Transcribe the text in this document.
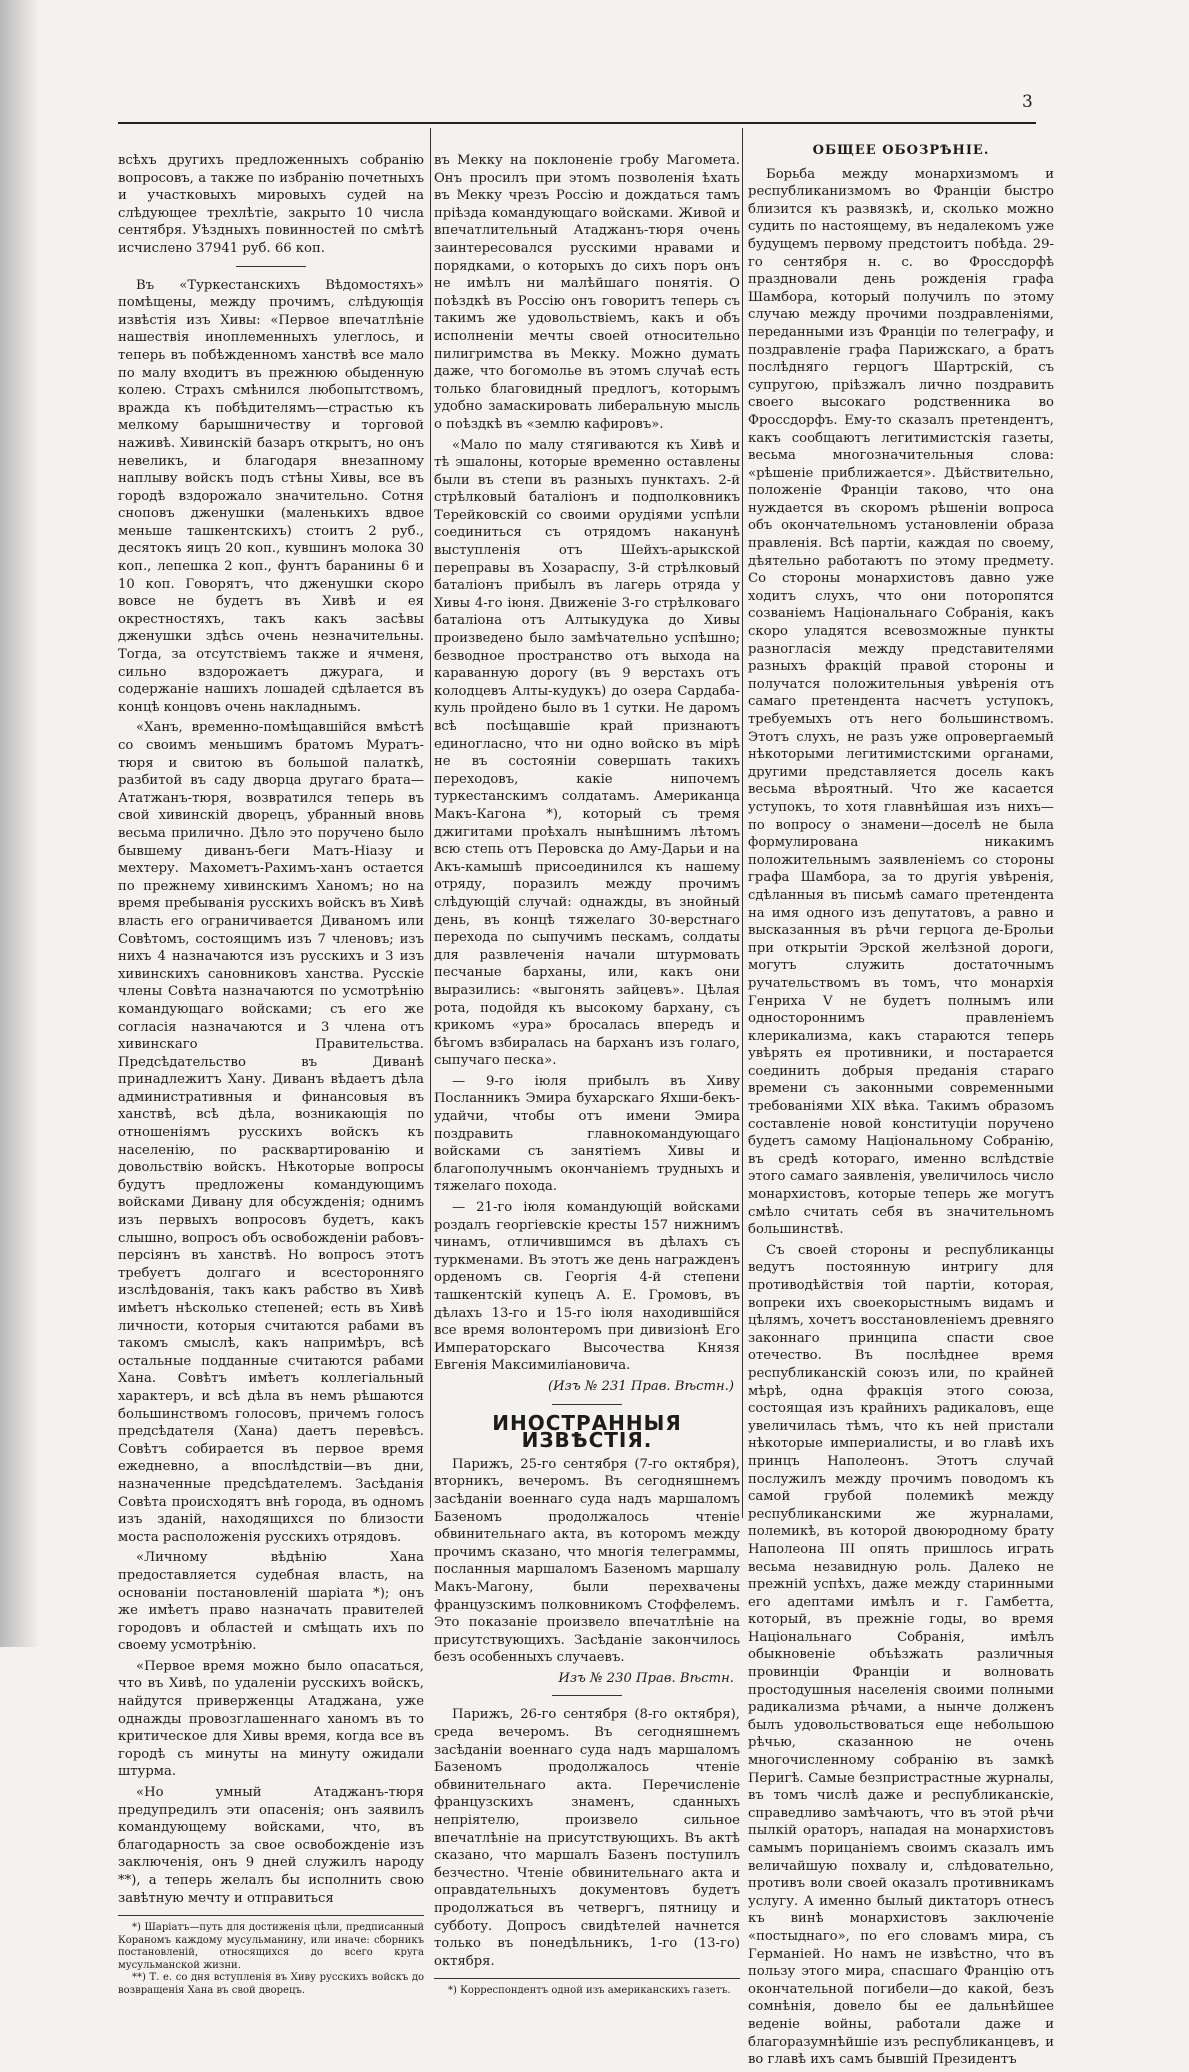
3

всѣхъ другихъ предложенныхъ собранію вопросовъ, а также по избранію почетныхъ и участковыхъ мировыхъ судей на слѣдующее трехлѣтіе, закрыто 10 числа сентября. Уѣздныхъ повинностей по смѣтѣ исчислено 37941 руб. 66 коп.

Въ «Туркестанскихъ Вѣдомостяхъ» помѣщены, между прочимъ, слѣдующія извѣстія изъ Хивы: «Первое впечатлѣніе нашествія иноплеменныхъ улеглось, и теперь въ побѣжденномъ ханствѣ все мало по малу входитъ въ прежнюю обыденную колею. Страхъ смѣнился любопытствомъ, вражда къ побѣдителямъ—страстью къ мелкому барышничеству и торговой наживѣ. Хивинскій базаръ открытъ, но онъ невеликъ, и благодаря внезапному наплыву войскъ подъ стѣны Хивы, все въ городѣ вздорожало значительно. Сотня сноповъ дженушки (маленькихъ вдвое меньше ташкентскихъ) стоитъ 2 руб., десятокъ яицъ 20 коп., кувшинъ молока 30 коп., лепешка 2 коп., фунтъ баранины 6 и 10 коп. Говорятъ, что дженушки скоро вовсе не будетъ въ Хивѣ и ея окрестностяхъ, такъ какъ засѣвы дженушки здѣсь очень незначительны. Тогда, за отсутствіемъ также и ячменя, сильно вздорожаетъ джурага, и содержаніе нашихъ лошадей сдѣлается въ концѣ концовъ очень накладнымъ.

«Ханъ, временно-помѣщавшійся вмѣстѣ со своимъ меньшимъ братомъ Муратъ-тюря и свитою въ большой палаткѣ, разбитой въ саду дворца другаго брата—Ататжанъ-тюря, возвратился теперь въ свой хивинскій дворецъ, убранный вновь весьма прилично. Дѣло это поручено было бывшему диванъ-беги Матъ-Ніазу и мехтеру. Махометъ-Рахимъ-ханъ остается по прежнему хивинскимъ Ханомъ; но на время пребыванія русскихъ войскъ въ Хивѣ власть его ограничивается Диваномъ или Совѣтомъ, состоящимъ изъ 7 членовъ; изъ нихъ 4 назначаются изъ русскихъ и 3 изъ хивинскихъ сановниковъ ханства. Русскіе члены Совѣта назначаются по усмотрѣнію командующаго войсками; съ его же согласія назначаются и 3 члена отъ хивинскаго Правительства. Предсѣдательство въ Диванѣ принадлежитъ Хану. Диванъ вѣдаетъ дѣла административныя и финансовыя въ ханствѣ, всѣ дѣла, возникающія по отношеніямъ русскихъ войскъ къ населенію, по расквартированію и довольствію войскъ. Нѣкоторые вопросы будутъ предложены командующимъ войсками Дивану для обсужденія; однимъ изъ первыхъ вопросовъ будетъ, какъ слышно, вопросъ объ освобожденіи рабовъ-персіянъ въ ханствѣ. Но вопросъ этотъ требуетъ долгаго и всесторонняго изслѣдованія, такъ какъ рабство въ Хивѣ имѣетъ нѣсколько степеней; есть въ Хивѣ личности, которыя считаются рабами въ такомъ смыслѣ, какъ напримѣръ, всѣ остальные подданные считаются рабами Хана. Совѣтъ имѣетъ коллегіальный характеръ, и всѣ дѣла въ немъ рѣшаются большинствомъ голосовъ, причемъ голосъ предсѣдателя (Хана) даетъ перевѣсъ. Совѣтъ собирается въ первое время ежедневно, а впослѣдствіи—въ дни, назначенные предсѣдателемъ. Засѣданія Совѣта происходятъ внѣ города, въ одномъ изъ зданій, находящихся по близости моста расположенія русскихъ отрядовъ.

«Личному вѣдѣнію Хана предоставляется судебная власть, на основаніи постановленій шаріата *); онъ же имѣетъ право назначать правителей городовъ и областей и смѣщать ихъ по своему усмотрѣнію.

«Первое время можно было опасаться, что въ Хивѣ, по удаленіи русскихъ войскъ, найдутся приверженцы Атаджана, уже однажды провозглашеннаго ханомъ въ то критическое для Хивы время, когда все въ городѣ съ минуты на минуту ожидали штурма.

«Но умный Атаджанъ-тюря предупредилъ эти опасенія; онъ заявилъ командующему войсками, что, въ благодарность за свое освобожденіе изъ заключенія, онъ 9 дней служилъ народу **), а теперь желалъ бы исполнить свою завѣтную мечту и отправиться

*) Шаріатъ—путь для достиженія цѣли, предписанный Кораномъ каждому мусульманину, или иначе: сборникъ постановленій, относящихся до всего круга мусульманской жизни.

**) Т. е. со дня вступленія въ Хиву русскихъ войскъ до возвращенія Хана въ свой дворецъ.

въ Мекку на поклоненіе гробу Магомета. Онъ просилъ при этомъ позволенія ѣхать въ Мекку чрезъ Россію и дождаться тамъ пріѣзда командующаго войсками. Живой и впечатлительный Атаджанъ-тюря очень заинтересовался русскими нравами и порядками, о которыхъ до сихъ поръ онъ не имѣлъ ни малѣйшаго понятія. О поѣздкѣ въ Россію онъ говоритъ теперь съ такимъ же удовольствіемъ, какъ и объ исполненіи мечты своей относительно пилигримства въ Мекку. Можно думать даже, что богомолье въ этомъ случаѣ есть только благовидный предлогъ, которымъ удобно замаскировать либеральную мысль о поѣздкѣ въ «землю кафировъ».

«Мало по малу стягиваются къ Хивѣ и тѣ эшалоны, которые временно оставлены были въ степи въ разныхъ пунктахъ. 2-й стрѣлковый баталіонъ и подполковникъ Терейковскій со своими орудіями успѣли соединиться съ отрядомъ наканунѣ выступленія отъ Шейхъ-арыкской переправы въ Хозараспу, 3-й стрѣлковый баталіонъ прибылъ въ лагерь отряда у Хивы 4-го іюня. Движеніе 3-го стрѣлковаго баталіона отъ Алтыкудука до Хивы произведено было замѣчательно успѣшно; безводное пространство отъ выхода на караванную дорогу (въ 9 верстахъ отъ колодцевъ Алты-кудукъ) до озера Сардаба-куль пройдено было въ 1 сутки. Не даромъ всѣ посѣщавшіе край признаютъ единогласно, что ни одно войско въ мірѣ не въ состояніи совершать такихъ переходовъ, какіе нипочемъ туркестанскимъ солдатамъ. Американца Макъ-Кагона *), который съ тремя джигитами проѣхалъ нынѣшнимъ лѣтомъ всю степь отъ Перовска до Аму-Дарьи и на Акъ-камышѣ присоединился къ нашему отряду, поразилъ между прочимъ слѣдующій случай: однажды, въ знойный день, въ концѣ тяжелаго 30-верстнаго перехода по сыпучимъ пескамъ, солдаты для развлеченія начали штурмовать песчаные барханы, или, какъ они выразились: «выгонять зайцевъ». Цѣлая рота, подойдя къ высокому бархану, съ крикомъ «ура» бросалась впередъ и бѣгомъ взбиралась на барханъ изъ голаго, сыпучаго песка».

— 9-го іюля прибылъ въ Хиву Посланникъ Эмира бухарскаго Яхши-бекъ-удайчи, чтобы отъ имени Эмира поздравить главнокомандующаго войсками съ занятіемъ Хивы и благополучнымъ окончаніемъ трудныхъ и тяжелаго похода.

— 21-го іюля командующій войсками роздалъ георгіевскіе кресты 157 нижнимъ чинамъ, отличившимся въ дѣлахъ съ туркменами. Въ этотъ же день награжденъ орденомъ св. Георгія 4-й степени ташкентскій купецъ А. Е. Громовъ, въ дѣлахъ 13-го и 15-го іюля находившійся все время волонтеромъ при дивизіонѣ Его Императорскаго Высочества Князя Евгенія Максимиліановича.

(Изъ № 231 Прав. Вѣстн.)
ИНОСТРАННЫЯ ИЗВѢСТІЯ.

Парижъ, 25-го сентября (7-го октября), вторникъ, вечеромъ. Въ сегодняшнемъ засѣданіи военнаго суда надъ маршаломъ Базеномъ продолжалось чтеніе обвинительнаго акта, въ которомъ между прочимъ сказано, что многія телеграммы, посланныя маршаломъ Базеномъ маршалу Макъ-Магону, были перехвачены французскимъ полковникомъ Стоффелемъ. Это показаніе произвело впечатлѣніе на присутствующихъ. Засѣданіе закончилось безъ особенныхъ случаевъ.

Изъ № 230 Прав. Вѣстн.

Парижъ, 26-го сентября (8-го октября), среда вечеромъ. Въ сегодняшнемъ засѣданіи военнаго суда надъ маршаломъ Базеномъ продолжалось чтеніе обвинительнаго акта. Перечисленіе французскихъ знаменъ, сданныхъ непріятелю, произвело сильное впечатлѣніе на присутствующихъ. Въ актѣ сказано, что маршалъ Базенъ поступилъ безчестно. Чтеніе обвинительнаго акта и оправдательныхъ документовъ будетъ продолжаться въ четвергъ, пятницу и субботу. Допросъ свидѣтелей начнется только въ понедѣльникъ, 1-го (13-го) октября.

*) Корреспондентъ одной изъ американскихъ газетъ.

ОБЩЕЕ ОБОЗРѢНІЕ.

Борьба между монархизмомъ и республиканизмомъ во Франціи быстро близится къ развязкѣ, и, сколько можно судить по настоящему, въ недалекомъ уже будущемъ первому предстоитъ побѣда. 29-го сентября н. с. во Фроссдорфѣ праздновали день рожденія графа Шамбора, который получилъ по этому случаю между прочими поздравленіями, переданными изъ Франціи по телеграфу, и поздравленіе графа Парижскаго, а братъ послѣдняго герцогъ Шартрскій, съ супругою, пріѣзжалъ лично поздравить своего высокаго родственника во Фроссдорфъ. Ему-то сказалъ претендентъ, какъ сообщаютъ легитимистскія газеты, весьма многозначительныя слова: «рѣшеніе приближается». Дѣйствительно, положеніе Франціи таково, что она нуждается въ скоромъ рѣшеніи вопроса объ окончательномъ установленіи образа правленія. Всѣ партіи, каждая по своему, дѣятельно работаютъ по этому предмету. Со стороны монархистовъ давно уже ходитъ слухъ, что они поторопятся созваніемъ Національнаго Собранія, какъ скоро уладятся всевозможные пункты разногласія между представителями разныхъ фракцій правой стороны и получатся положительныя увѣренія отъ самаго претендента насчетъ уступокъ, требуемыхъ отъ него большинствомъ. Этотъ слухъ, не разъ уже опровергаемый нѣкоторыми легитимистскими органами, другими представляется досель какъ весьма вѣроятный. Что же касается уступокъ, то хотя главнѣйшая изъ нихъ—по вопросу о знамени—доселѣ не была формулирована никакимъ положительнымъ заявленіемъ со стороны графа Шамбора, за то другія увѣренія, сдѣланныя въ письмѣ самаго претендента на имя одного изъ депутатовъ, а равно и высказанныя въ рѣчи герцога де-Брольи при открытіи Эрской желѣзной дороги, могутъ служить достаточнымъ ручательствомъ въ томъ, что монархія Генриха V не будетъ полнымъ или одностороннимъ правленіемъ клерикализма, какъ стараются теперь увѣрять ея противники, и постарается соединить добрыя преданія стараго времени съ законными современными требованіями XIX вѣка. Такимъ образомъ составленіе новой конституціи поручено будетъ самому Національному Собранію, въ средѣ котораго, именно вслѣдствіе этого самаго заявленія, увеличилось число монархистовъ, которые теперь же могутъ смѣло считать себя въ значительномъ большинствѣ.

Съ своей стороны и республиканцы ведутъ постоянную интригу для противодѣйствія той партіи, которая, вопреки ихъ своекорыстнымъ видамъ и цѣлямъ, хочетъ восстановленіемъ древняго законнаго принципа спасти свое отечество. Въ послѣднее время республиканскій союзъ или, по крайней мѣрѣ, одна фракція этого союза, состоящая изъ крайнихъ радикаловъ, еще увеличилась тѣмъ, что къ ней пристали нѣкоторые империалисты, и во главѣ ихъ принцъ Наполеонъ. Этотъ случай послужилъ между прочимъ поводомъ къ самой грубой полемикѣ между республиканскими же журналами, полемикѣ, въ которой двоюродному брату Наполеона III опять пришлось играть весьма незавидную роль. Далеко не прежній успѣхъ, даже между старинными его адептами имѣлъ и г. Гамбетта, который, въ прежніе годы, во время Національнаго Собранія, имѣлъ обыкновеніе объѣзжать различныя провинціи Франціи и волновать простодушныя населенія своими полными радикализма рѣчами, а нынче долженъ былъ удовольствоваться еще небольшою рѣчью, сказанною не очень многочисленному собранію въ замкѣ Перигѣ. Самые безпристрастные журналы, въ томъ числѣ даже и республиканскіе, справедливо замѣчаютъ, что въ этой рѣчи пылкій ораторъ, нападая на монархистовъ самымъ порицаніемъ своимъ сказалъ имъ величайшую похвалу и, слѣдовательно, противъ воли своей оказалъ противникамъ услугу. А именно былый диктаторъ отнесъ къ винѣ монархистовъ заключеніе «постыднаго», по его словамъ мира, съ Германіей. Но намъ не извѣстно, что въ пользу этого мира, спасшаго Францію отъ окончательной погибели—до какой, безъ сомнѣнія, довело бы ее дальнѣйшее веденіе войны, работали даже и благоразумнѣйшіе изъ республиканцевъ, и во главѣ ихъ самъ бывшій Президентъ
